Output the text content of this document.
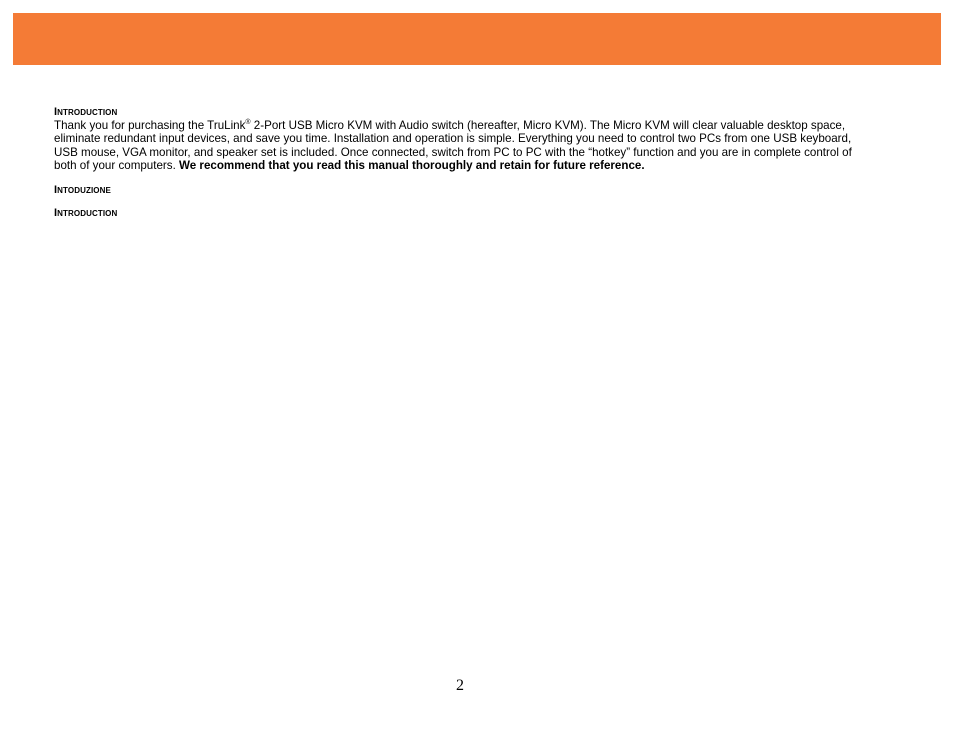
Introduction

Thank you for purchasing the TruLink® 2-Port USB Micro KVM with Audio switch (hereafter, Micro KVM). The Micro KVM will clear valuable desktop space, eliminate redundant input devices, and save you time. Installation and operation is simple. Everything you need to control two PCs from one USB keyboard, USB mouse, VGA monitor, and speaker set is included. Once connected, switch from PC to PC with the “hotkey” function and you are in complete control of both of your computers. We recommend that you read this manual thoroughly and retain for future reference.

Intoduzione
Introduction
2
